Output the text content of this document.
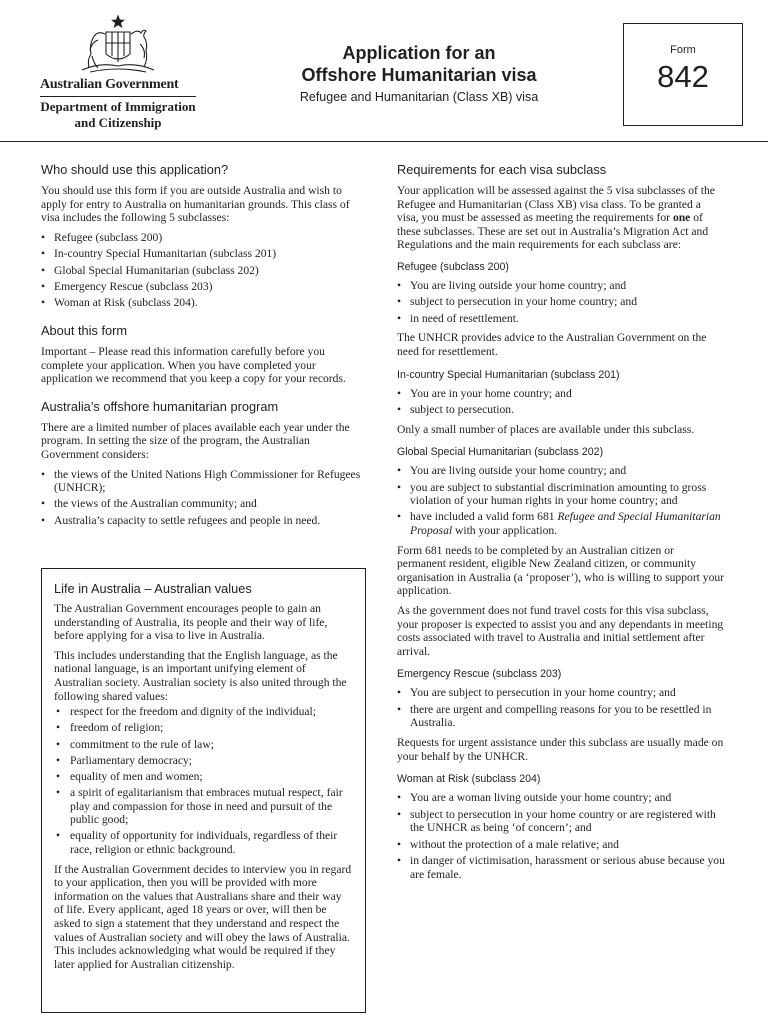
Australian Government
Department of Immigration and Citizenship
Application for an
Offshore Humanitarian visa
Refugee and Humanitarian (Class XB) visa
Form
842
Who should use this application?

You should use this form if you are outside Australia and wish to apply for entry to Australia on humanitarian grounds. This class of visa includes the following 5 subclasses:

• Refugee (subclass 200)
• In-country Special Humanitarian (subclass 201)
• Global Special Humanitarian (subclass 202)
• Emergency Rescue (subclass 203)
• Woman at Risk (subclass 204).
About this form

Important – Please read this information carefully before you complete your application. When you have completed your application we recommend that you keep a copy for your records.

Australia’s offshore humanitarian program

There are a limited number of places available each year under the program. In setting the size of the program, the Australian Government considers:

• the views of the United Nations High Commissioner for Refugees (UNHCR);
• the views of the Australian community; and
• Australia’s capacity to settle refugees and people in need.
Life in Australia – Australian values

The Australian Government encourages people to gain an understanding of Australia, its people and their way of life, before applying for a visa to live in Australia.

This includes understanding that the English language, as the national language, is an important unifying element of Australian society. Australian society is also united through the following shared values:

• respect for the freedom and dignity of the individual;
• freedom of religion;
• commitment to the rule of law;
• Parliamentary democracy;
• equality of men and women;
• a spirit of egalitarianism that embraces mutual respect, fair play and compassion for those in need and pursuit of the public good;
• equality of opportunity for individuals, regardless of their race, religion or ethnic background.

If the Australian Government decides to interview you in regard to your application, then you will be provided with more information on the values that Australians share and their way of life. Every applicant, aged 18 years or over, will then be asked to sign a statement that they understand and respect the values of Australian society and will obey the laws of Australia. This includes acknowledging what would be required if they later applied for Australian citizenship.

Requirements for each visa subclass

Your application will be assessed against the 5 visa subclasses of the Refugee and Humanitarian (Class XB) visa class. To be granted a visa, you must be assessed as meeting the requirements for one of these subclasses. These are set out in Australia’s Migration Act and Regulations and the main requirements for each subclass are:

Refugee (subclass 200)
• You are living outside your home country; and
• subject to persecution in your home country; and
• in need of resettlement.

The UNHCR provides advice to the Australian Government on the need for resettlement.

In-country Special Humanitarian (subclass 201)
• You are in your home country; and
• subject to persecution.

Only a small number of places are available under this subclass.

Global Special Humanitarian (subclass 202)
• You are living outside your home country; and
• you are subject to substantial discrimination amounting to gross violation of your human rights in your home country; and
• have included a valid form 681 Refugee and Special Humanitarian Proposal with your application.

Form 681 needs to be completed by an Australian citizen or permanent resident, eligible New Zealand citizen, or community organisation in Australia (a ‘proposer’), who is willing to support your application.

As the government does not fund travel costs for this visa subclass, your proposer is expected to assist you and any dependants in meeting costs associated with travel to Australia and initial settlement after arrival.

Emergency Rescue (subclass 203)
• You are subject to persecution in your home country; and
• there are urgent and compelling reasons for you to be resettled in Australia.

Requests for urgent assistance under this subclass are usually made on your behalf by the UNHCR.

Woman at Risk (subclass 204)
• You are a woman living outside your home country; and
• subject to persecution in your home country or are registered with the UNHCR as being ‘of concern’; and
• without the protection of a male relative; and
• in danger of victimisation, harassment or serious abuse because you are female.
